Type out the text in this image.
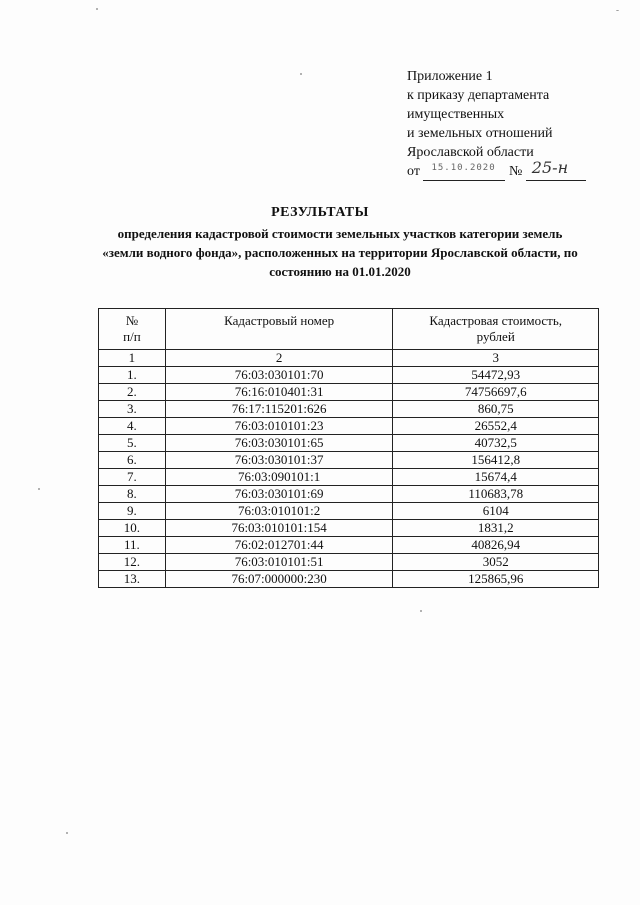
Приложение 1
к приказу департамента
имущественных
и земельных отношений
Ярославской области
от 15.10.2020 № 25-н
РЕЗУЛЬТАТЫ
определения кадастровой стоимости земельных участков категории земель «земли водного фонда», расположенных на территории Ярославской области, по состоянию на 01.01.2020
№
п/п	Кадастровый номер	Кадастровая стоимость,
рублей
1	2	3
1.	76:03:030101:70	54472,93
2.	76:16:010401:31	74756697,6
3.	76:17:115201:626	860,75
4.	76:03:010101:23	26552,4
5.	76:03:030101:65	40732,5
6.	76:03:030101:37	156412,8
7.	76:03:090101:1	15674,4
8.	76:03:030101:69	110683,78
9.	76:03:010101:2	6104
10.	76:03:010101:154	1831,2
11.	76:02:012701:44	40826,94
12.	76:03:010101:51	3052
13.	76:07:000000:230	125865,96
